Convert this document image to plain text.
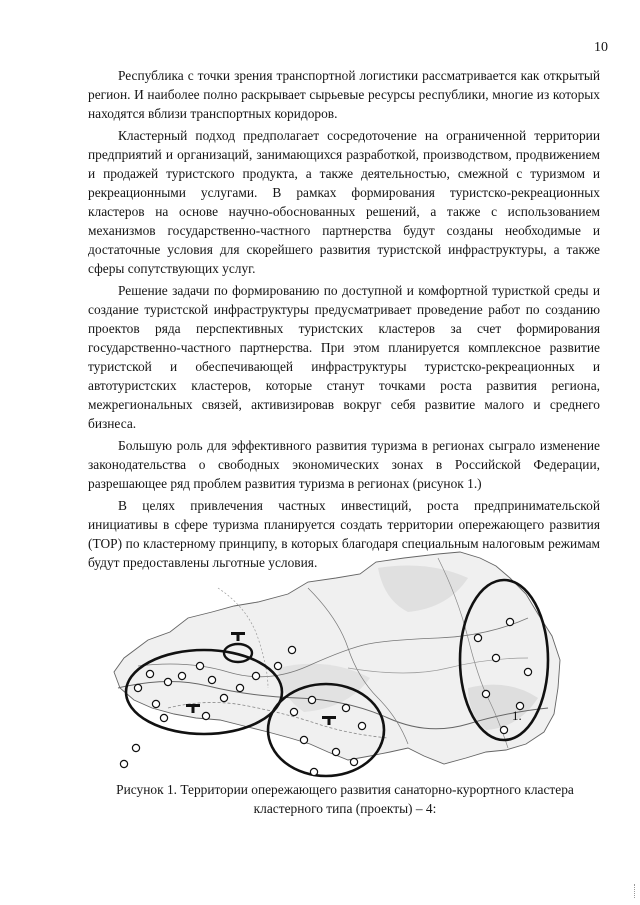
10

Республика с точки зрения транспортной логистики рассматривается как открытый регион. И наиболее полно раскрывает сырьевые ресурсы республики, многие из которых находятся вблизи транспортных коридоров.

Кластерный подход предполагает сосредоточение на ограниченной территории предприятий и организаций, занимающихся разработкой, производством, продвижением и продажей туристского продукта, а также деятельностью, смежной с туризмом и рекреационными услугами. В рамках формирования туристско-рекреационных кластеров на основе научно-обоснованных решений, а также с использованием механизмов государственно-частного партнерства будут созданы необходимые и достаточные условия для скорейшего развития туристской инфраструктуры, а также сферы сопутствующих услуг.

Решение задачи по формированию по доступной и комфортной туристкой среды и создание туристской инфраструктуры предусматривает проведение работ по созданию проектов ряда перспективных туристских кластеров за счет формирования государственно-частного партнерства. При этом планируется комплексное развитие туристской и обеспечивающей инфраструктуры туристско-рекреационных и автотуристских кластеров, которые станут точками роста развития региона, межрегиональных связей, активизировав вокруг себя развитие малого и среднего бизнеса.

Большую роль для эффективного развития туризма в регионах сыграло изменение законодательства о свободных экономических зонах в Российской Федерации, разрешающее ряд проблем развития туризма в регионах (рисунок 1.)

В целях привлечения частных инвестиций, роста предпринимательской инициативы в сфере туризма планируется создать территории опережающего развития (ТОР) по кластерному принципу, в которых благодаря специальным налоговым режимам будут предоставлены льготные условия.

1.
Рисунок 1. Территории опережающего развития санаторно-курортного кластера кластерного типа (проекты) – 4:
